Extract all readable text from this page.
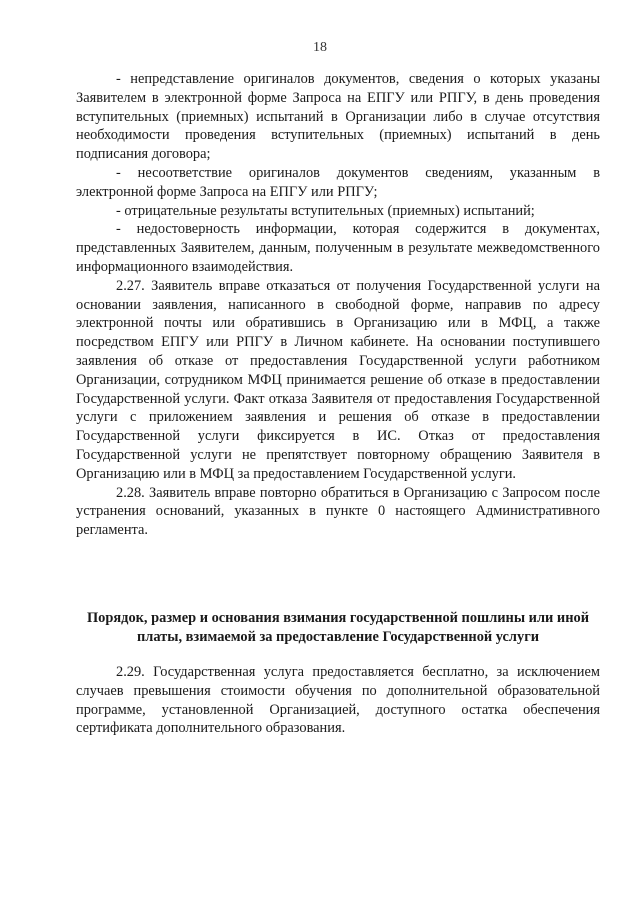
18

- непредставление оригиналов документов, сведения о которых указаны Заявителем в электронной форме Запроса на ЕПГУ или РПГУ, в день проведения вступительных (приемных) испытаний в Организации либо в случае отсутствия необходимости проведения вступительных (приемных) испытаний в день подписания договора;

- несоответствие оригиналов документов сведениям, указанным в электронной форме Запроса на ЕПГУ или РПГУ;

- отрицательные результаты вступительных (приемных) испытаний;

- недостоверность информации, которая содержится в документах, представленных Заявителем, данным, полученным в результате межведомственного информационного взаимодействия.

2.27. Заявитель вправе отказаться от получения Государственной услуги на основании заявления, написанного в свободной форме, направив по адресу электронной почты или обратившись в Организацию или в МФЦ, а также посредством ЕПГУ или РПГУ в Личном кабинете. На основании поступившего заявления об отказе от предоставления Государственной услуги работником Организации, сотрудником МФЦ принимается решение об отказе в предоставлении Государственной услуги. Факт отказа Заявителя от предоставления Государственной услуги с приложением заявления и решения об отказе в предоставлении Государственной услуги фиксируется в ИС. Отказ от предоставления Государственной услуги не препятствует повторному обращению Заявителя в Организацию или в МФЦ за предоставлением Государственной услуги.

2.28. Заявитель вправе повторно обратиться в Организацию с Запросом после устранения оснований, указанных в пункте 0 настоящего Административного регламента.

Порядок, размер и основания взимания государственной пошлины или иной платы, взимаемой за предоставление Государственной услуги

2.29. Государственная услуга предоставляется бесплатно, за исключением случаев превышения стоимости обучения по дополнительной образовательной программе, установленной Организацией, доступного остатка обеспечения сертификата дополнительного образования.
